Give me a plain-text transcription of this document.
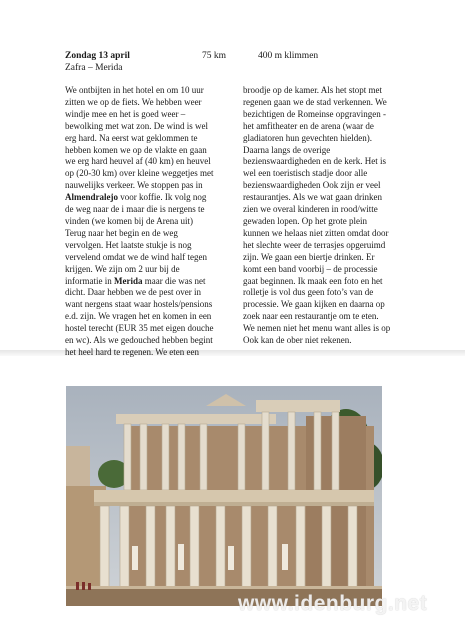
Zondag 13 april	75 km	400 m klimmen
Zafra – Merida
We ontbijten in het hotel en om 10 uur
zitten we op de fiets. We hebben weer
windje mee en het is goed weer –
bewolking met wat zon. De wind is wel
erg hard. Na eerst wat geklommen te
hebben komen we op de vlakte en gaan
we erg hard heuvel af (40 km) en heuvel
op (20-30 km) over kleine weggetjes met
nauwelijks verkeer. We stoppen pas in
Almendralejo voor koffie. Ik volg nog
de weg naar de i maar die is nergens te
vinden (we komen bij de Arena uit)
Terug naar het begin en de weg
vervolgen. Het laatste stukje is nog
vervelend omdat we de wind half tegen
krijgen. We zijn om 2 uur bij de
informatie in Merida maar die was net
dicht. Daar hebben we de pest over in
want nergens staat waar hostels/pensions
e.d. zijn. We vragen het en komen in een
hostel terecht (EUR 35 met eigen douche
en wc). Als we gedouched hebben begint
het heel hard te regenen. We eten een
broodje op de kamer. Als het stopt met
regenen gaan we de stad verkennen. We
bezichtigen de Romeinse opgravingen -
het amfitheater en de arena (waar de
gladiatoren hun gevechten hielden).
Daarna langs de overige
bezienswaardigheden en de kerk. Het is
wel een toeristisch stadje door alle
bezienswaardigheden Ook zijn er veel
restaurantjes. Als we wat gaan drinken
zien we overal kinderen in rood/witte
gewaden lopen. Op het grote plein
kunnen we helaas niet zitten omdat door
het slechte weer de terrasjes opgeruimd
zijn. We gaan een biertje drinken. Er
komt een band voorbij – de processie
gaat beginnen. Ik maak een foto en het
rolletje is vol dus geen foto’s van de
processie. We gaan kijken en daarna op
zoek naar een restaurantje om te eten.
We nemen niet het menu want alles is op
Ook kan de ober niet rekenen.
www.idenburg.net
